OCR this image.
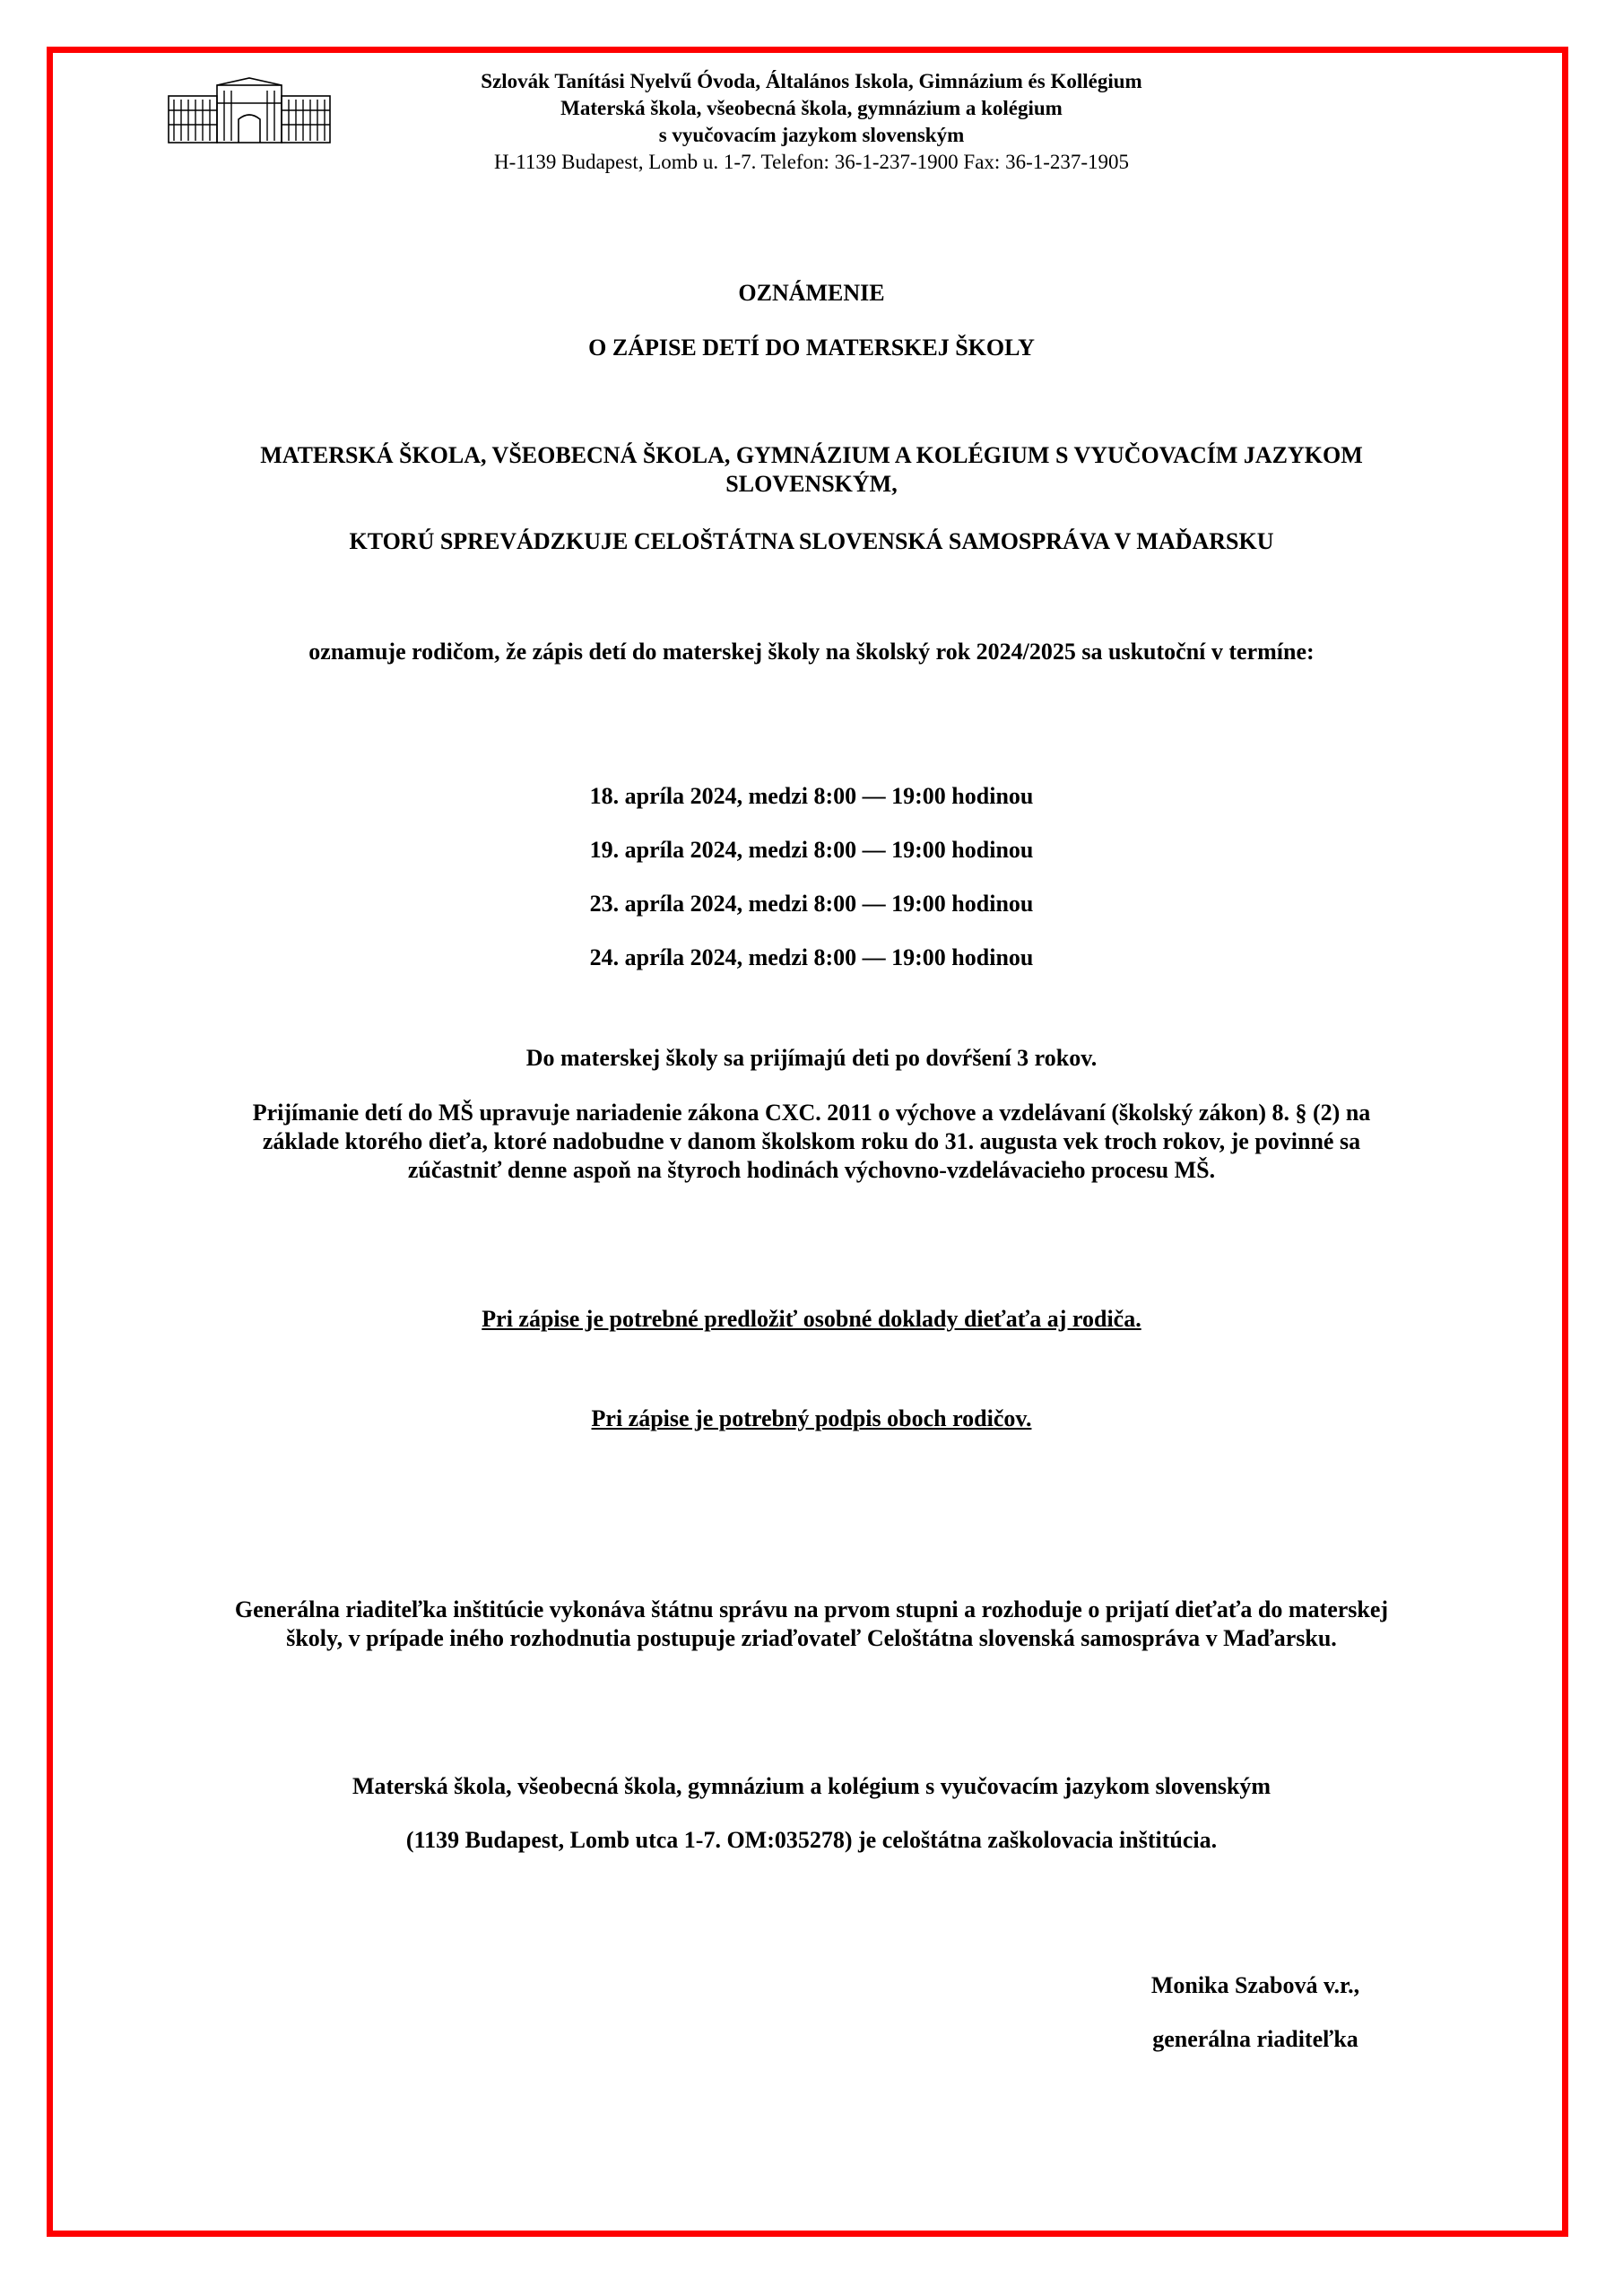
Szlovák Tanítási Nyelvű Óvoda, Általános Iskola, Gimnázium és Kollégium
Materská škola, všeobecná škola, gymnázium a kolégium
s vyučovacím jazykom slovenským
H-1139 Budapest, Lomb u. 1-7. Telefon: 36-1-237-1900 Fax: 36-1-237-1905
OZNÁMENIE
O ZÁPISE DETÍ DO MATERSKEJ ŠKOLY
MATERSKÁ ŠKOLA, VŠEOBECNÁ ŠKOLA, GYMNÁZIUM A KOLÉGIUM S VYUČOVACÍM JAZYKOM
SLOVENSKÝM,
KTORÚ SPREVÁDZKUJE CELOŠTÁTNA SLOVENSKÁ SAMOSPRÁVA V MAĎARSKU
oznamuje rodičom, že zápis detí do materskej školy na školský rok 2024/2025 sa uskutoční v termíne:
18. apríla 2024, medzi 8:00 — 19:00 hodinou
19. apríla 2024, medzi 8:00 — 19:00 hodinou
23. apríla 2024, medzi 8:00 — 19:00 hodinou
24. apríla 2024, medzi 8:00 — 19:00 hodinou
Do materskej školy sa prijímajú deti po dovŕšení 3 rokov.
Prijímanie detí do MŠ upravuje nariadenie zákona CXC. 2011 o výchove a vzdelávaní (školský zákon) 8. § (2) na
základe ktorého dieťa, ktoré nadobudne v danom školskom roku do 31. augusta vek troch rokov, je povinné sa
zúčastniť denne aspoň na štyroch hodinách výchovno-vzdelávacieho procesu MŠ.
Pri zápise je potrebné predložiť osobné doklady dieťaťa aj rodiča.
Pri zápise je potrebný podpis oboch rodičov.
Generálna riaditeľka inštitúcie vykonáva štátnu správu na prvom stupni a rozhoduje o prijatí dieťaťa do materskej
školy, v prípade iného rozhodnutia postupuje zriaďovateľ Celoštátna slovenská samospráva v Maďarsku.
Materská škola, všeobecná škola, gymnázium a kolégium s vyučovacím jazykom slovenským
(1139 Budapest, Lomb utca 1-7. OM:035278) je celoštátna zaškolovacia inštitúcia.
Monika Szabová v.r.,
generálna riaditeľka
